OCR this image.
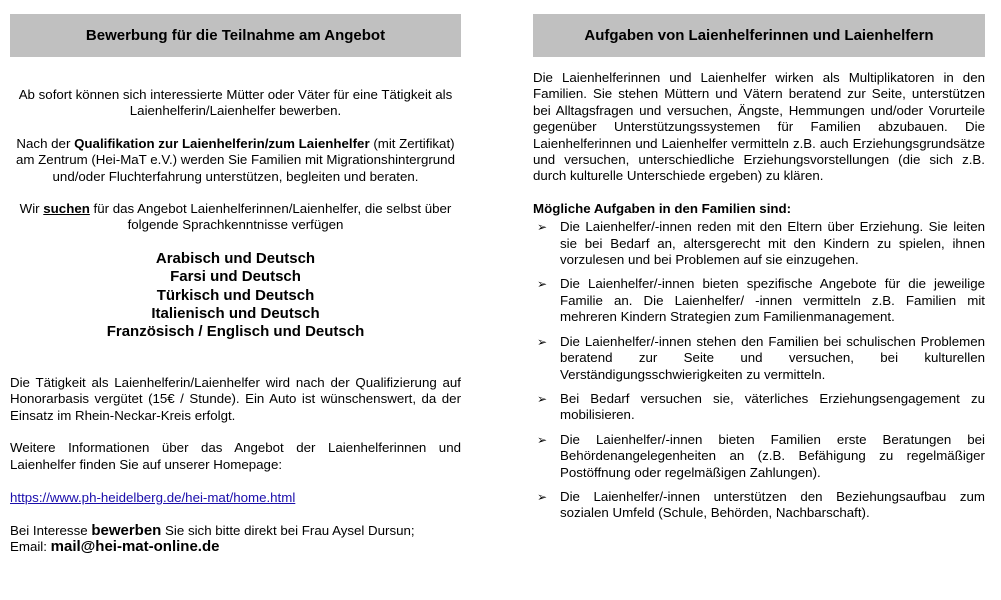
Bewerbung für die Teilnahme am Angebot

Ab sofort können sich interessierte Mütter oder Väter für eine Tätigkeit als Laienhelferin/Laienhelfer bewerben.

Nach der Qualifikation zur Laienhelferin/zum Laienhelfer (mit Zertifikat) am Zentrum (Hei-MaT e.V.) werden Sie Familien mit Migrationshintergrund und/oder Fluchterfahrung unterstützen, begleiten und beraten.

Wir suchen für das Angebot Laienhelferinnen/Laienhelfer, die selbst über folgende Sprachkenntnisse verfügen

Arabisch und Deutsch
Farsi und Deutsch
Türkisch und Deutsch
Italienisch und Deutsch
Französisch / Englisch und Deutsch

Die Tätigkeit als Laienhelferin/Laienhelfer wird nach der Qualifizierung auf Honorarbasis vergütet (15€ / Stunde). Ein Auto ist wünschenswert, da der Einsatz im Rhein-Neckar-Kreis erfolgt.

Weitere Informationen über das Angebot der Laienhelferinnen und Laienhelfer finden Sie auf unserer Homepage:

https://www.ph-heidelberg.de/hei-mat/home.html

Bei Interesse bewerben Sie sich bitte direkt bei Frau Aysel Dursun;
Email: mail@hei-mat-online.de

Aufgaben von Laienhelferinnen und Laienhelfern

Die Laienhelferinnen und Laienhelfer wirken als Multiplikatoren in den Familien. Sie stehen Müttern und Vätern beratend zur Seite, unterstützen bei Alltagsfragen und versuchen, Ängste, Hemmungen und/oder Vorurteile gegenüber Unterstützungssystemen für Familien abzubauen. Die Laienhelferinnen und Laienhelfer vermitteln z.B. auch Erziehungsgrundsätze und versuchen, unterschiedliche Erziehungsvorstellungen (die sich z.B. durch kulturelle Unterschiede ergeben) zu klären.

Mögliche Aufgaben in den Familien sind:

➢ Die Laienhelfer/-innen reden mit den Eltern über Erziehung. Sie leiten sie bei Bedarf an, altersgerecht mit den Kindern zu spielen, ihnen vorzulesen und bei Problemen auf sie einzugehen.
➢ Die Laienhelfer/-innen bieten spezifische Angebote für die jeweilige Familie an. Die Laienhelfer/ -innen vermitteln z.B. Familien mit mehreren Kindern Strategien zum Familienmanagement.
➢ Die Laienhelfer/-innen stehen den Familien bei schulischen Problemen beratend zur Seite und versuchen, bei kulturellen Verständigungsschwierigkeiten zu vermitteln.
➢ Bei Bedarf versuchen sie, väterliches Erziehungsengagement zu mobilisieren.
➢ Die Laienhelfer/-innen bieten Familien erste Beratungen bei Behördenangelegenheiten an (z.B. Befähigung zu regelmäßiger Postöffnung oder regelmäßigen Zahlungen).
➢ Die Laienhelfer/-innen unterstützen den Beziehungsaufbau zum sozialen Umfeld (Schule, Behörden, Nachbarschaft).
